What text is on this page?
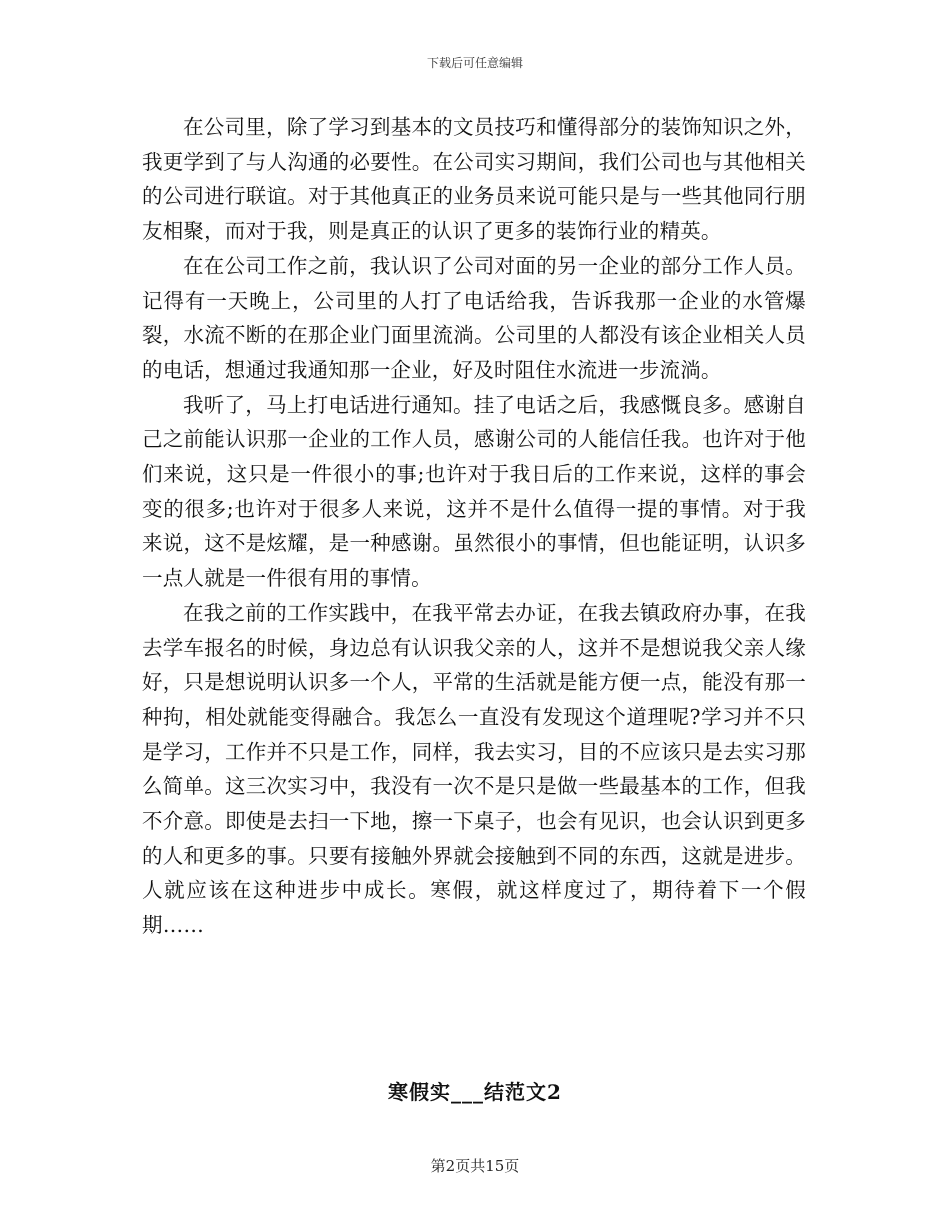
下载后可任意编辑

在公司里，除了学习到基本的文员技巧和懂得部分的装饰知识之外，我更学到了与人沟通的必要性。在公司实习期间，我们公司也与其他相关的公司进行联谊。对于其他真正的业务员来说可能只是与一些其他同行朋友相聚，而对于我，则是真正的认识了更多的装饰行业的精英。

在在公司工作之前，我认识了公司对面的另一企业的部分工作人员。记得有一天晚上，公司里的人打了电话给我，告诉我那一企业的水管爆裂，水流不断的在那企业门面里流淌。公司里的人都没有该企业相关人员的电话，想通过我通知那一企业，好及时阻住水流进一步流淌。

我听了，马上打电话进行通知。挂了电话之后，我感慨良多。感谢自己之前能认识那一企业的工作人员，感谢公司的人能信任我。也许对于他们来说，这只是一件很小的事;也许对于我日后的工作来说，这样的事会变的很多;也许对于很多人来说，这并不是什么值得一提的事情。对于我来说，这不是炫耀，是一种感谢。虽然很小的事情，但也能证明，认识多一点人就是一件很有用的事情。

在我之前的工作实践中，在我平常去办证，在我去镇政府办事，在我去学车报名的时候，身边总有认识我父亲的人，这并不是想说我父亲人缘好，只是想说明认识多一个人，平常的生活就是能方便一点，能没有那一种拘，相处就能变得融合。我怎么一直没有发现这个道理呢?学习并不只是学习，工作并不只是工作，同样，我去实习，目的不应该只是去实习那么简单。这三次实习中，我没有一次不是只是做一些最基本的工作，但我不介意。即使是去扫一下地，擦一下桌子，也会有见识，也会认识到更多的人和更多的事。只要有接触外界就会接触到不同的东西，这就是进步。人就应该在这种进步中成长。寒假，就这样度过了，期待着下一个假期……

寒假实___结范文2
第2页共15页
